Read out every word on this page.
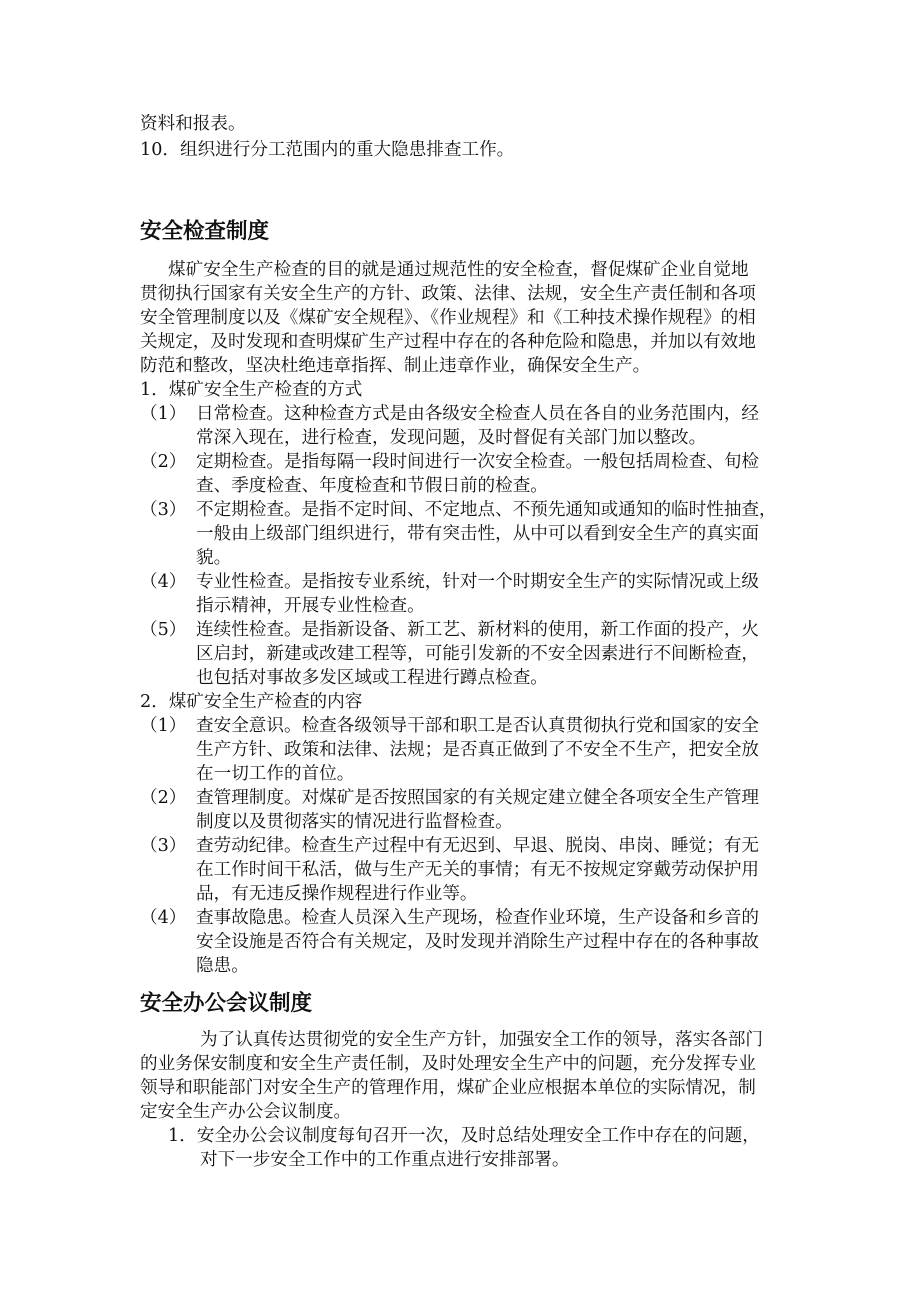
资料和报表。
10．组织进行分工范围内的重大隐患排查工作。
安全检查制度
煤矿安全生产检查的目的就是通过规范性的安全检查，督促煤矿企业自觉地
贯彻执行国家有关安全生产的方针、政策、法律、法规，安全生产责任制和各项
安全管理制度以及《煤矿安全规程》、《作业规程》和《工种技术操作规程》的相
关规定，及时发现和查明煤矿生产过程中存在的各种危险和隐患，并加以有效地
防范和整改，坚决杜绝违章指挥、制止违章作业，确保安全生产。
1．煤矿安全生产检查的方式
（1） 日常检查。这种检查方式是由各级安全检查人员在各自的业务范围内，经
常深入现在，进行检查，发现问题，及时督促有关部门加以整改。
（2） 定期检查。是指每隔一段时间进行一次安全检查。一般包括周检查、旬检
查、季度检查、年度检查和节假日前的检查。
（3） 不定期检查。是指不定时间、不定地点、不预先通知或通知的临时性抽查，
一般由上级部门组织进行，带有突击性，从中可以看到安全生产的真实面
貌。
（4） 专业性检查。是指按专业系统，针对一个时期安全生产的实际情况或上级
指示精神，开展专业性检查。
（5） 连续性检查。是指新设备、新工艺、新材料的使用，新工作面的投产，火
区启封，新建或改建工程等，可能引发新的不安全因素进行不间断检查，
也包括对事故多发区域或工程进行蹲点检查。
2．煤矿安全生产检查的内容
（1） 查安全意识。检查各级领导干部和职工是否认真贯彻执行党和国家的安全
生产方针、政策和法律、法规；是否真正做到了不安全不生产，把安全放
在一切工作的首位。
（2） 查管理制度。对煤矿是否按照国家的有关规定建立健全各项安全生产管理
制度以及贯彻落实的情况进行监督检查。
（3） 查劳动纪律。检查生产过程中有无迟到、早退、脱岗、串岗、睡觉；有无
在工作时间干私活，做与生产无关的事情；有无不按规定穿戴劳动保护用
品，有无违反操作规程进行作业等。
（4） 查事故隐患。检查人员深入生产现场，检查作业环境，生产设备和乡音的
安全设施是否符合有关规定，及时发现并消除生产过程中存在的各种事故
隐患。
安全办公会议制度
为了认真传达贯彻党的安全生产方针，加强安全工作的领导，落实各部门
的业务保安制度和安全生产责任制，及时处理安全生产中的问题，充分发挥专业
领导和职能部门对安全生产的管理作用，煤矿企业应根据本单位的实际情况，制
定安全生产办公会议制度。
1．安全办公会议制度每旬召开一次，及时总结处理安全工作中存在的问题，
对下一步安全工作中的工作重点进行安排部署。
